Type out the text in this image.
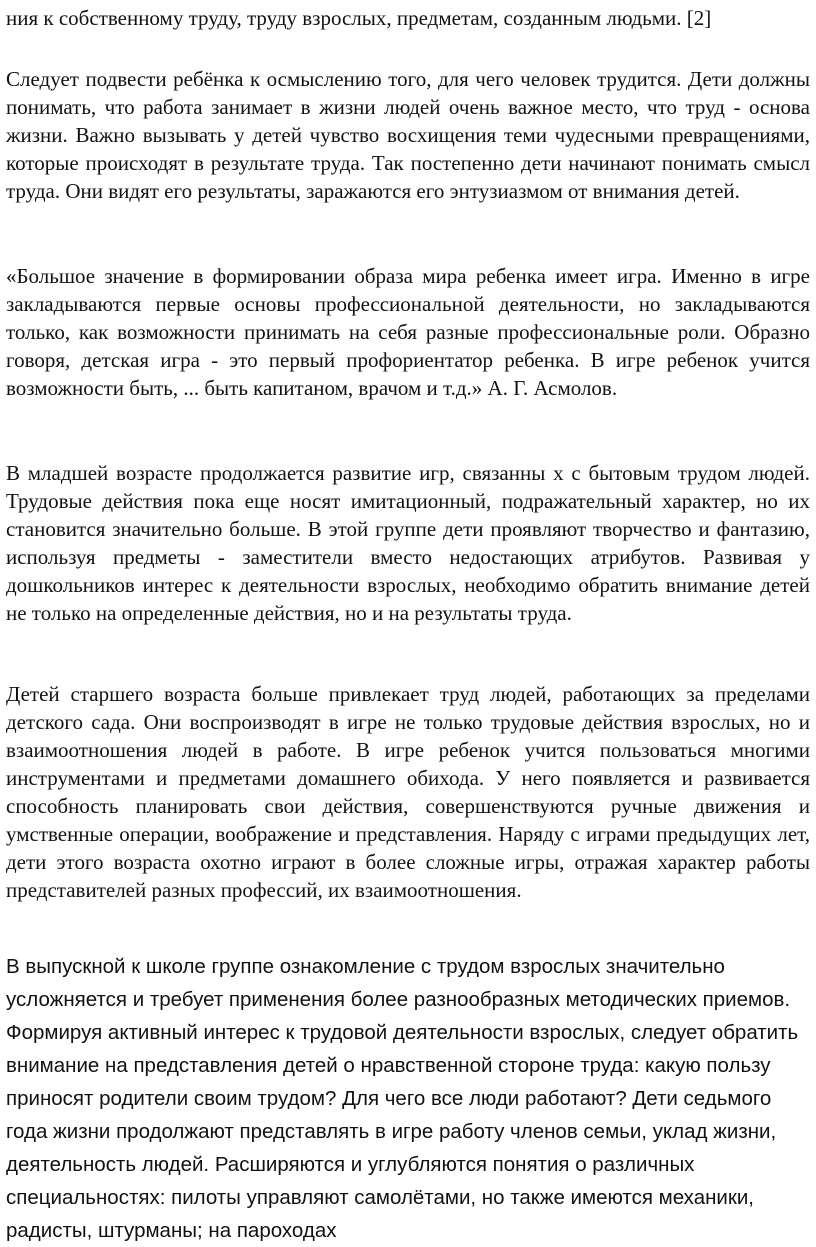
ния к собственному труду, труду взрослых, предметам, созданным людьми. [2]

Следует подвести ребёнка к осмыслению того, для чего человек трудится. Дети должны понимать, что работа занимает в жизни людей очень важное место, что труд - основа жизни. Важно вызывать у детей чувство восхищения теми чудесными превращениями, которые происходят в результате труда. Так постепенно дети начинают понимать смысл труда. Они видят его результаты, заражаются его энтузиазмом от внимания детей.

«Большое значение в формировании образа мира ребенка имеет игра. Именно в игре закладываются первые основы профессиональной деятельности, но закладываются только, как возможности принимать на себя разные профессиональные роли. Образно говоря, детская игра - это первый профориентатор ребенка. В игре ребенок учится возможности быть, ... быть капитаном, врачом и т.д.» А. Г. Асмолов.

В младшей возрасте продолжается развитие игр, связанны х с бытовым трудом людей. Трудовые действия пока еще носят имитационный, подражательный характер, но их становится значительно больше. В этой группе дети проявляют творчество и фантазию, используя предметы - заместители вместо недостающих атрибутов. Развивая у дошкольников интерес к деятельности взрослых, необходимо обратить внимание детей не только на определенные действия, но и на результаты труда.

Детей старшего возраста больше привлекает труд людей, работающих за пределами детского сада. Они воспроизводят в игре не только трудовые действия взрослых, но и взаимоотношения людей в работе. В игре ребенок учится пользоваться многими инструментами и предметами домашнего обихода. У него появляется и развивается способность планировать свои действия, совершенствуются ручные движения и умственные операции, воображение и представления. Наряду с играми предыдущих лет, дети этого возраста охотно играют в более сложные игры, отражая характер работы представителей разных профессий, их взаимоотношения.

В выпускной к школе группе ознакомление с трудом взрослых значительно усложняется и требует применения более разнообразных методических приемов. Формируя активный интерес к трудовой деятельности взрослых, следует обратить внимание на представления детей о нравственной стороне труда: какую пользу приносят родители своим трудом? Для чего все люди работают? Дети седьмого года жизни продолжают представлять в игре работу членов семьи, уклад жизни, деятельность людей. Расширяются и углубляются понятия о различных специальностях: пилоты управляют самолётами, но также имеются механики, радисты, штурманы; на пароходах
